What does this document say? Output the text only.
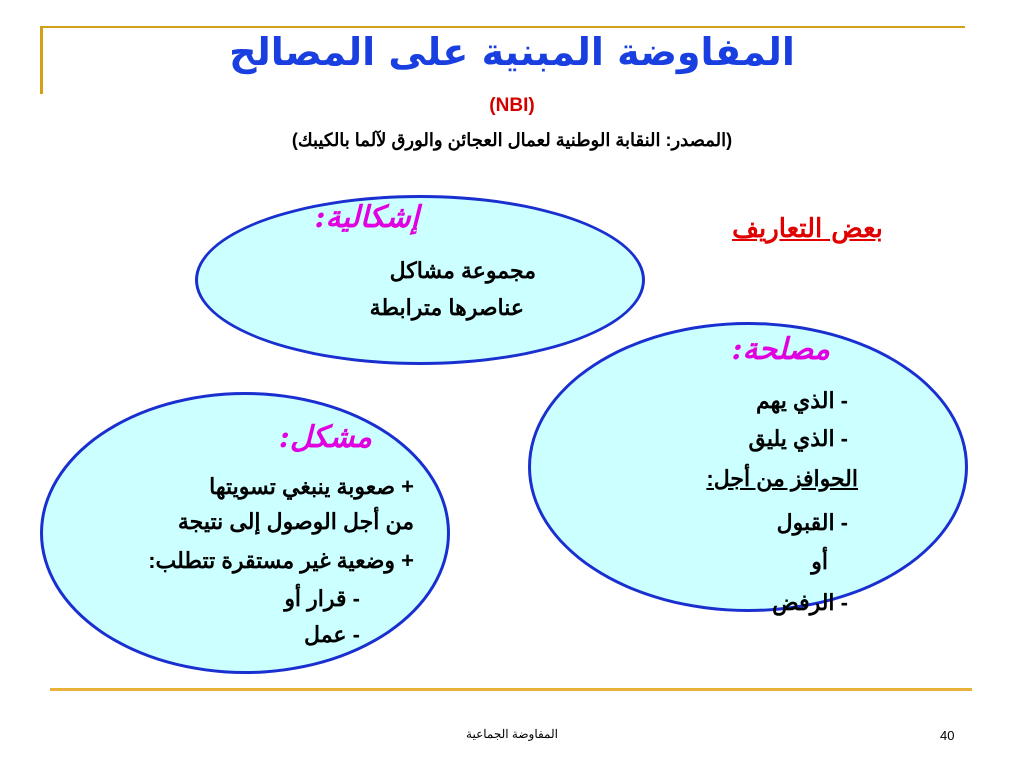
المفاوضة المبنية على المصالح
(NBI)
(المصدر: النقابة الوطنية لعمال العجائن والورق لآلما بالكيبك)
بعض التعاريف
إشكالية:
مجموعة مشاكل
عناصرها مترابطة
مشكل:
+ صعوبة ينبغي تسويتها
من أجل الوصول إلى نتيجة
+ وضعية غير مستقرة تتطلب:
- قرار أو
- عمل
مصلحة:
- الذي يهم
- الذي يليق
الحوافز من أجل:
- القبول
أو
- الرفض
المفاوضة الجماعية	40
